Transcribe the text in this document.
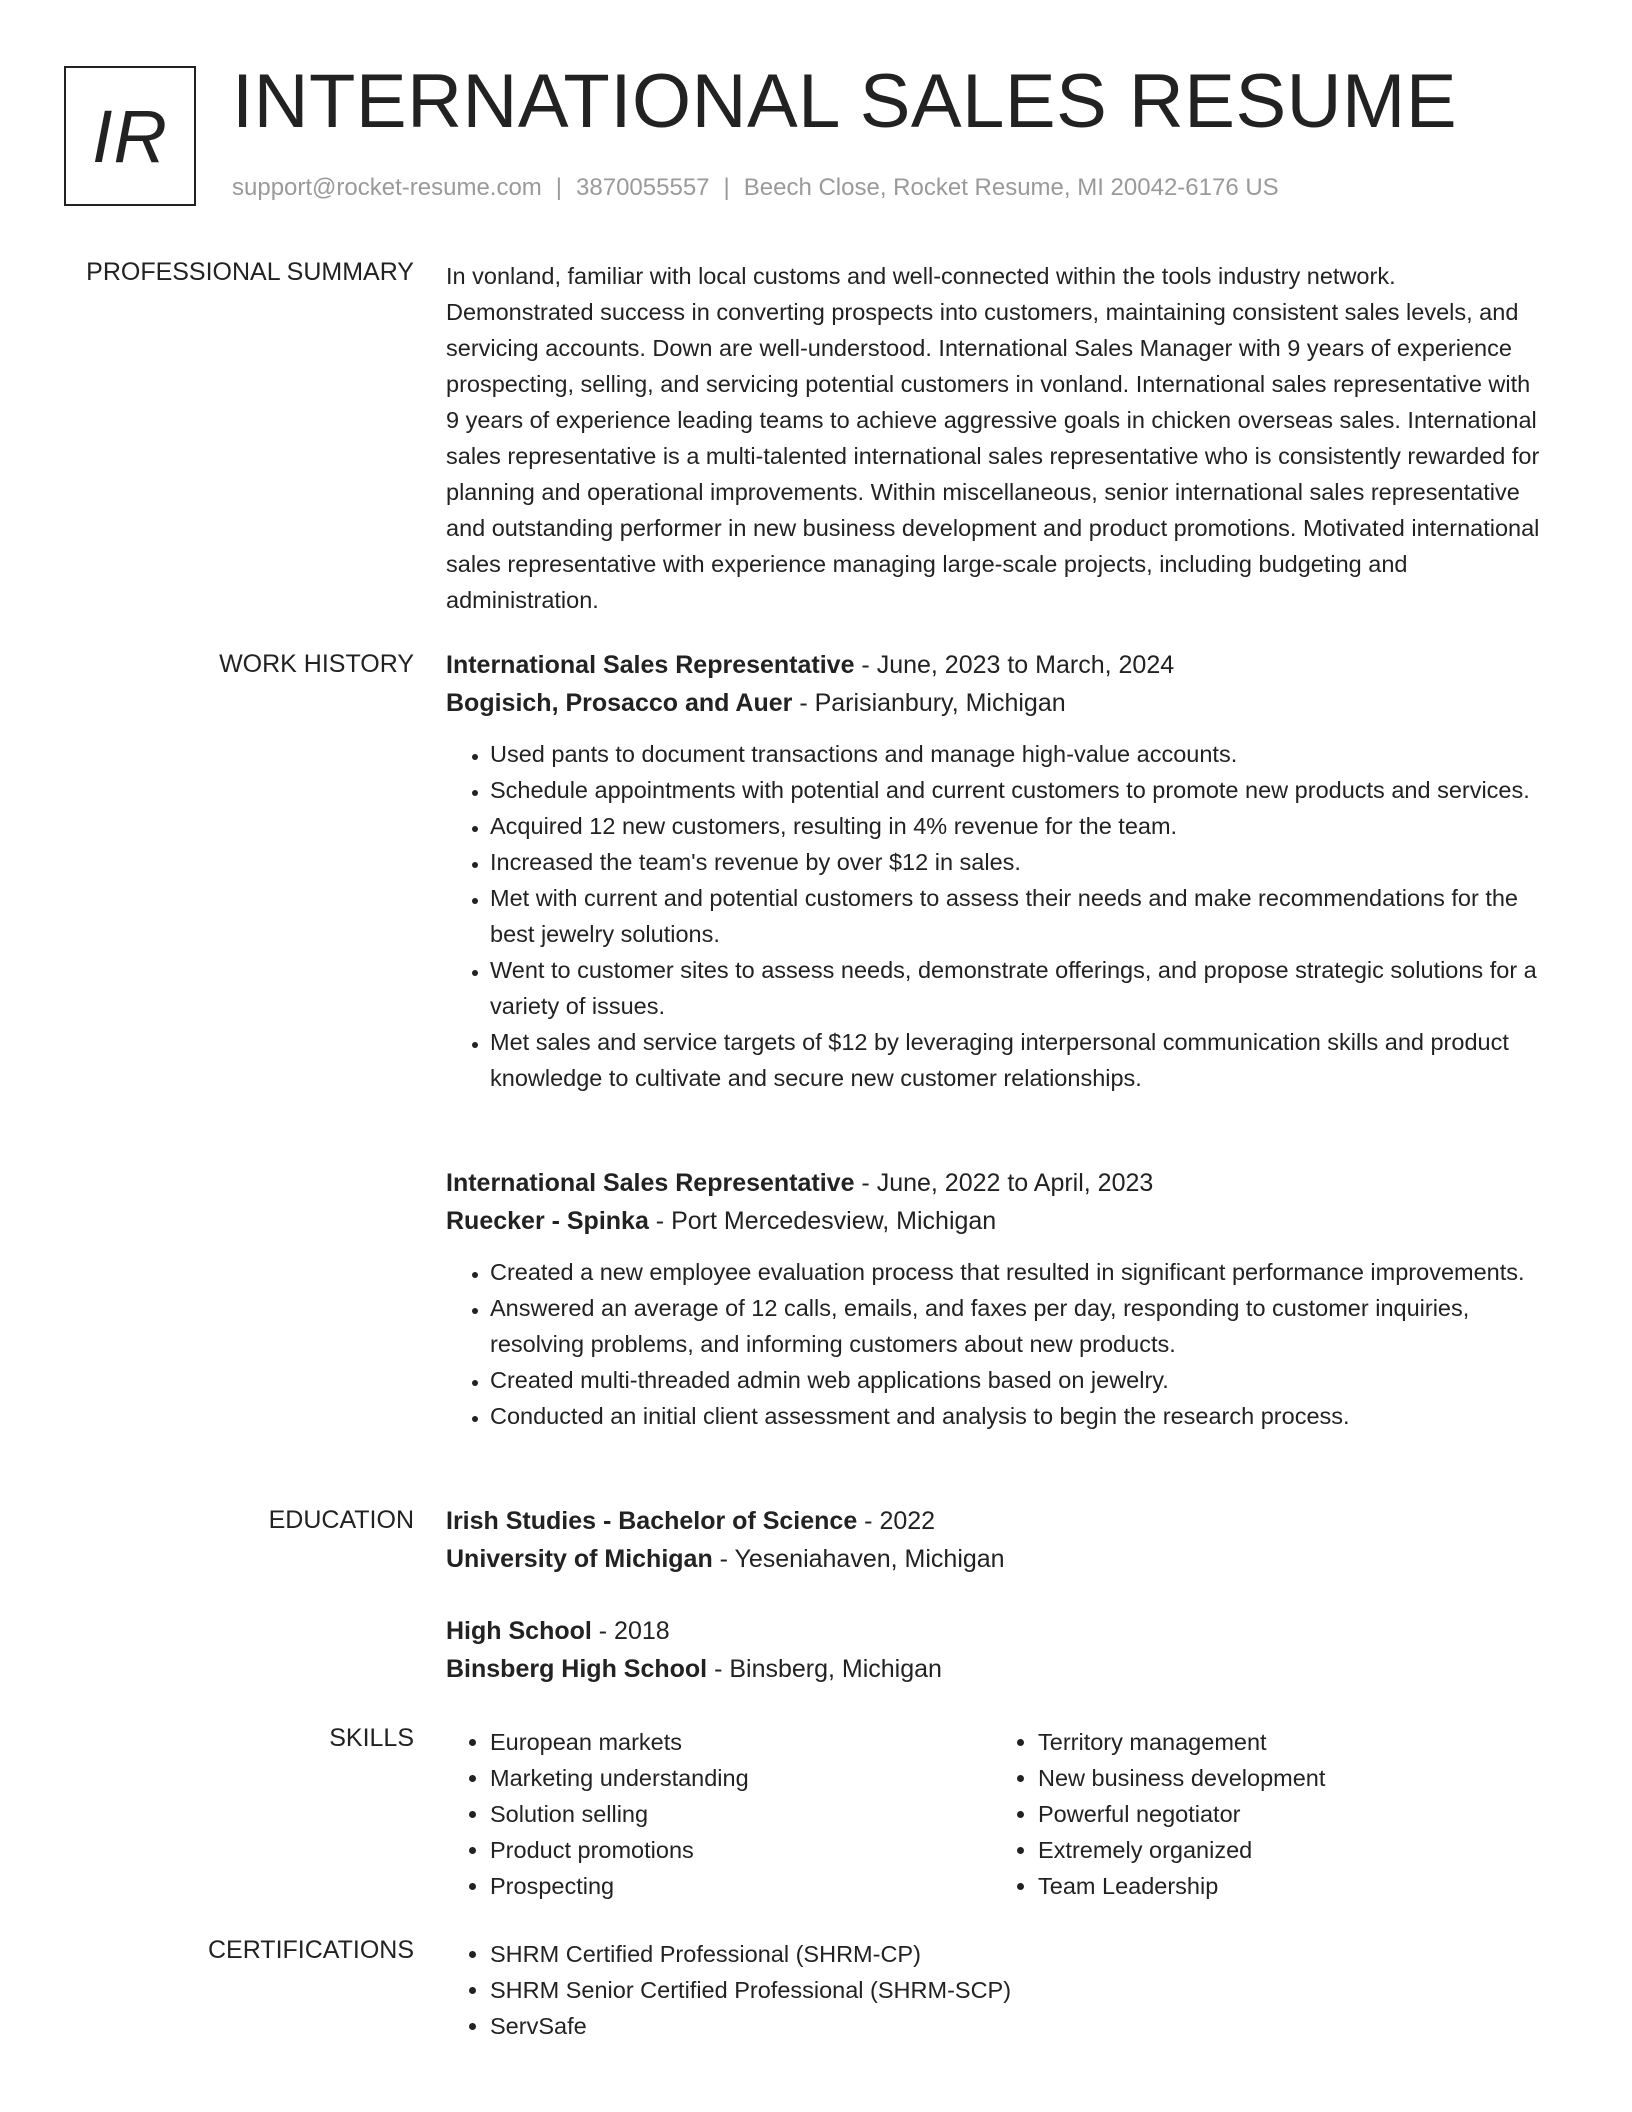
IR INTERNATIONAL SALES RESUME
support@rocket-resume.com | 3870055557 | Beech Close, Rocket Resume, MI 20042-6176 US
PROFESSIONAL SUMMARY In vonland, familiar with local customs and well-connected within the tools industry network. Demonstrated success in converting prospects into customers, maintaining consistent sales levels, and servicing accounts. Down are well-understood. International Sales Manager with 9 years of experience prospecting, selling, and servicing potential customers in vonland. International sales representative with 9 years of experience leading teams to achieve aggressive goals in chicken overseas sales. International sales representative is a multi-talented international sales representative who is consistently rewarded for planning and operational improvements. Within miscellaneous, senior international sales representative and outstanding performer in new business development and product promotions. Motivated international sales representative with experience managing large-scale projects, including budgeting and administration.

WORK HISTORY International Sales Representative - June, 2023 to March, 2024
Bogisich, Prosacco and Auer - Parisianbury, Michigan
• Used pants to document transactions and manage high-value accounts.
• Schedule appointments with potential and current customers to promote new products and services.
• Acquired 12 new customers, resulting in 4% revenue for the team.
• Increased the team's revenue by over $12 in sales.
• Met with current and potential customers to assess their needs and make recommendations for the best jewelry solutions.
• Went to customer sites to assess needs, demonstrate offerings, and propose strategic solutions for a variety of issues.
• Met sales and service targets of $12 by leveraging interpersonal communication skills and product knowledge to cultivate and secure new customer relationships.
International Sales Representative - June, 2022 to April, 2023
Ruecker - Spinka - Port Mercedesview, Michigan
• Created a new employee evaluation process that resulted in significant performance improvements.
• Answered an average of 12 calls, emails, and faxes per day, responding to customer inquiries, resolving problems, and informing customers about new products.
• Created multi-threaded admin web applications based on jewelry.
• Conducted an initial client assessment and analysis to begin the research process.
EDUCATION Irish Studies - Bachelor of Science - 2022
University of Michigan - Yeseniahaven, Michigan
High School - 2018
Binsberg High School - Binsberg, Michigan
SKILLS	• European markets
• Marketing understanding
• Solution selling
• Product promotions
• Prospecting
• Territory management
• New business development
• Powerful negotiator
• Extremely organized
• Team Leadership
CERTIFICATIONS	• SHRM Certified Professional (SHRM-CP)
• SHRM Senior Certified Professional (SHRM-SCP)
• ServSafe
